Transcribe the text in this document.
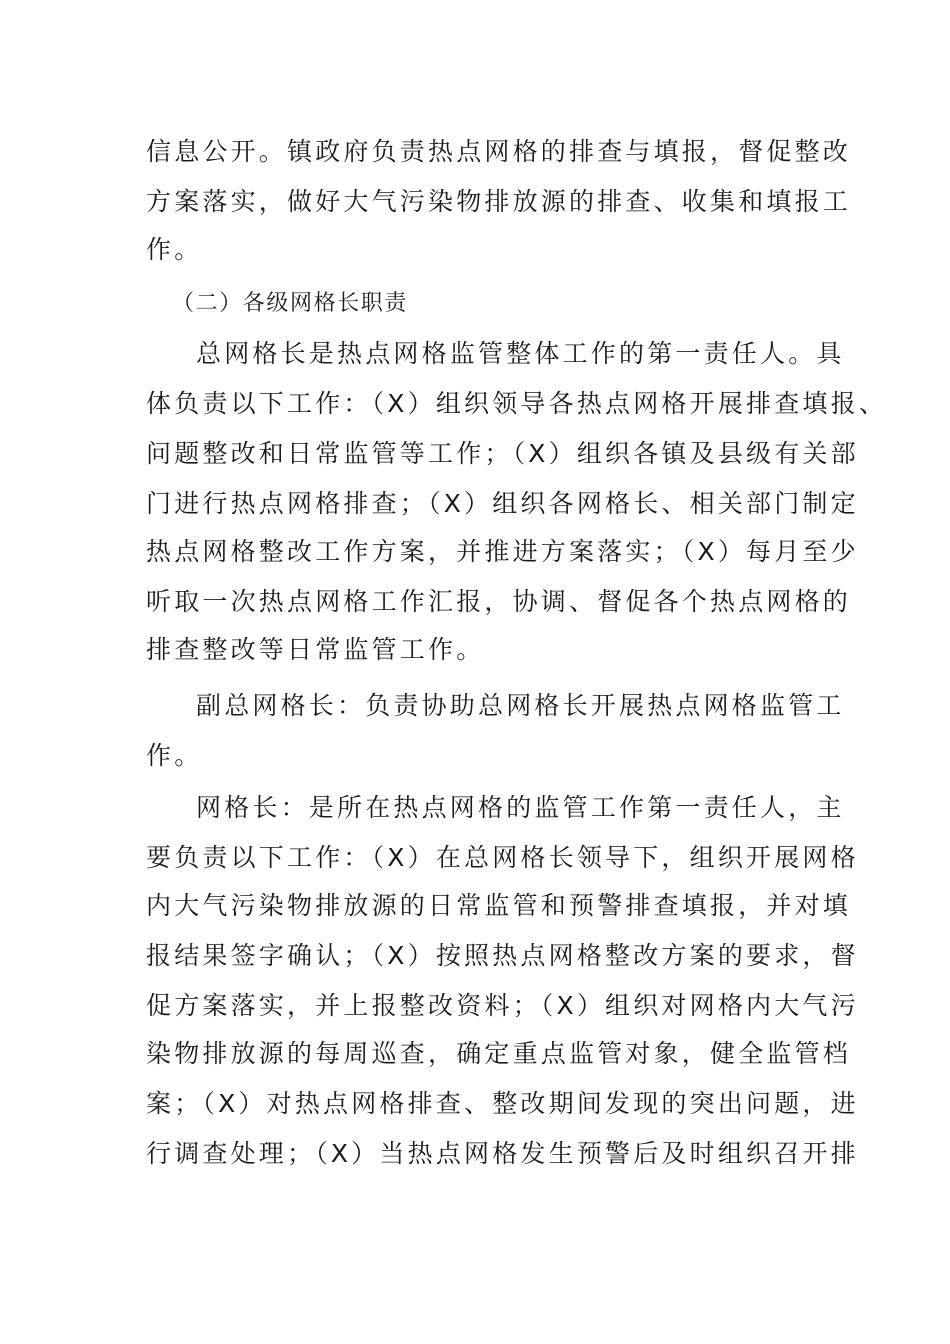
信息公开。镇政府负责热点网格的排查与填报，督促整改
方案落实，做好大气污染物排放源的排查、收集和填报工
作。
（二）各级网格长职责
总网格长是热点网格监管整体工作的第一责任人。具
体负责以下工作：（X）组织领导各热点网格开展排查填报、
问题整改和日常监管等工作；（X）组织各镇及县级有关部
门进行热点网格排查；（X）组织各网格长、相关部门制定
热点网格整改工作方案，并推进方案落实；（X）每月至少
听取一次热点网格工作汇报，协调、督促各个热点网格的
排查整改等日常监管工作。
副总网格长：负责协助总网格长开展热点网格监管工
作。
网格长：是所在热点网格的监管工作第一责任人，主
要负责以下工作：（X）在总网格长领导下，组织开展网格
内大气污染物排放源的日常监管和预警排查填报，并对填
报结果签字确认；（X）按照热点网格整改方案的要求，督
促方案落实，并上报整改资料；（X）组织对网格内大气污
染物排放源的每周巡查，确定重点监管对象，健全监管档
案；（X）对热点网格排查、整改期间发现的突出问题，进
行调查处理；（X）当热点网格发生预警后及时组织召开排
